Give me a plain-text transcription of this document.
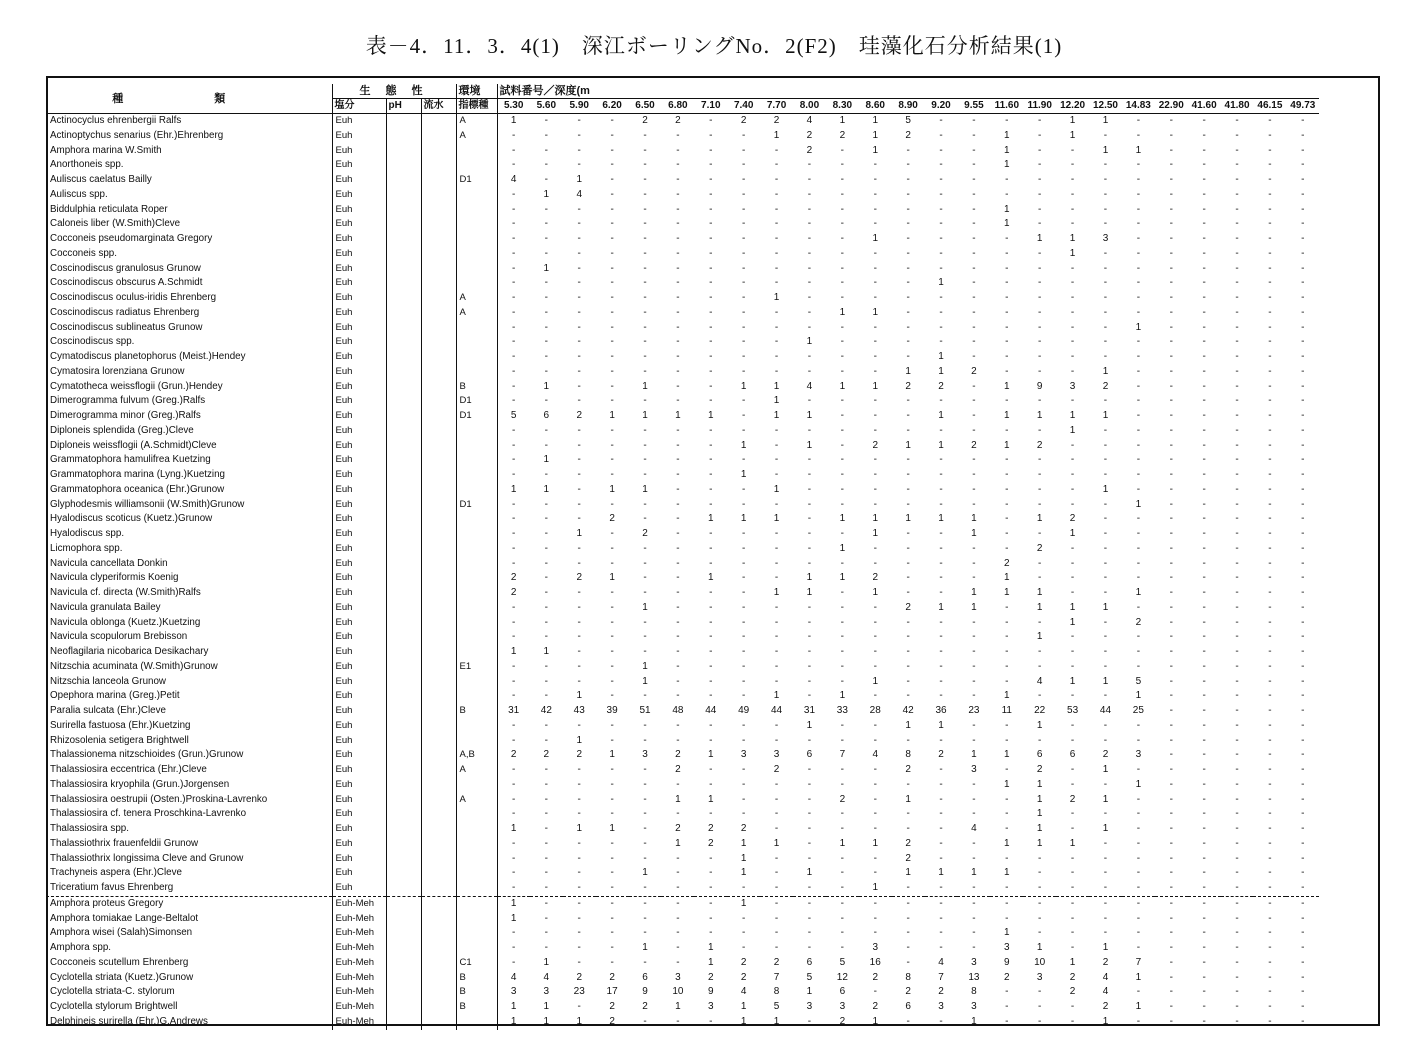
表－4．11．3．4(1)　深江ボーリングNo．2(F2)　珪藻化石分析結果(1)
種　類	生 態 性			環境	試料番号／深度(m																								
	塩分	pH	流水	指標種	5.30	5.60	5.90	6.20	6.50	6.80	7.10	7.40	7.70	8.00	8.30	8.60	8.90	9.20	9.55	11.60	11.90	12.20	12.50	14.83	22.90	41.60	41.80	46.15	49.73
Actinocyclus ehrenbergii Ralfs	Euh			A	1	-	-	-	2	2	-	2	2	4	1	1	5	-	-	-	-	1	1	-	-	-	-	-	-
Actinoptychus senarius (Ehr.)Ehrenberg	Euh			A	-	-	-	-	-	-	-	-	1	2	2	1	2	-	-	1	-	1	-	-	-	-	-	-	-
Amphora marina W.Smith	Euh				-	-	-	-	-	-	-	-	-	2	-	1	-	-	-	1	-	-	1	1	-	-	-	-	-
Anorthoneis spp.	Euh				-	-	-	-	-	-	-	-	-	-	-	-	-	-	-	1	-	-	-	-	-	-	-	-	-
Auliscus caelatus Bailly	Euh			D1	4	-	1	-	-	-	-	-	-	-	-	-	-	-	-	-	-	-	-	-	-	-	-	-	-
Auliscus spp.	Euh				-	1	4	-	-	-	-	-	-	-	-	-	-	-	-	-	-	-	-	-	-	-	-	-	-
Biddulphia reticulata Roper	Euh				-	-	-	-	-	-	-	-	-	-	-	-	-	-	-	1	-	-	-	-	-	-	-	-	-
Caloneis liber (W.Smith)Cleve	Euh				-	-	-	-	-	-	-	-	-	-	-	-	-	-	-	1	-	-	-	-	-	-	-	-	-
Cocconeis pseudomarginata Gregory	Euh				-	-	-	-	-	-	-	-	-	-	-	1	-	-	-	-	1	1	3	-	-	-	-	-	-
Cocconeis spp.	Euh				-	-	-	-	-	-	-	-	-	-	-	-	-	-	-	-	-	1	-	-	-	-	-	-	-
Coscinodiscus granulosus Grunow	Euh				-	1	-	-	-	-	-	-	-	-	-	-	-	-	-	-	-	-	-	-	-	-	-	-	-
Coscinodiscus obscurus A.Schmidt	Euh				-	-	-	-	-	-	-	-	-	-	-	-	-	1	-	-	-	-	-	-	-	-	-	-	-
Coscinodiscus oculus-iridis Ehrenberg	Euh			A	-	-	-	-	-	-	-	-	1	-	-	-	-	-	-	-	-	-	-	-	-	-	-	-	-
Coscinodiscus radiatus Ehrenberg	Euh			A	-	-	-	-	-	-	-	-	-	-	1	1	-	-	-	-	-	-	-	-	-	-	-	-	-
Coscinodiscus sublineatus Grunow	Euh				-	-	-	-	-	-	-	-	-	-	-	-	-	-	-	-	-	-	-	1	-	-	-	-	-
Coscinodiscus spp.	Euh				-	-	-	-	-	-	-	-	-	1	-	-	-	-	-	-	-	-	-	-	-	-	-	-	-
Cymatodiscus planetophorus (Meist.)Hendey	Euh				-	-	-	-	-	-	-	-	-	-	-	-	-	1	-	-	-	-	-	-	-	-	-	-	-
Cymatosira lorenziana Grunow	Euh				-	-	-	-	-	-	-	-	-	-	-	-	1	1	2	-	-	-	1	-	-	-	-	-	-
Cymatotheca weissflogii (Grun.)Hendey	Euh			B	-	1	-	-	1	-	-	1	1	4	1	1	2	2	-	1	9	3	2	-	-	-	-	-	-
Dimerogramma fulvum (Greg.)Ralfs	Euh			D1	-	-	-	-	-	-	-	-	1	-	-	-	-	-	-	-	-	-	-	-	-	-	-	-	-
Dimerogramma minor (Greg.)Ralfs	Euh			D1	5	6	2	1	1	1	1	-	1	1	-	-	-	1	-	1	1	1	1	-	-	-	-	-	-
Diploneis splendida (Greg.)Cleve	Euh				-	-	-	-	-	-	-	-	-	-	-	-	-	-	-	-	-	1	-	-	-	-	-	-	-
Diploneis weissflogii (A.Schmidt)Cleve	Euh				-	-	-	-	-	-	-	1	-	1	-	2	1	1	2	1	2	-	-	-	-	-	-	-	-
Grammatophora hamulifrea Kuetzing	Euh				-	1	-	-	-	-	-	-	-	-	-	-	-	-	-	-	-	-	-	-	-	-	-	-	-
Grammatophora marina (Lyng.)Kuetzing	Euh				-	-	-	-	-	-	-	1	-	-	-	-	-	-	-	-	-	-	-	-	-	-	-	-	-
Grammatophora oceanica (Ehr.)Grunow	Euh				1	1	-	1	1	-	-	-	1	-	-	-	-	-	-	-	-	-	1	-	-	-	-	-	-
Glyphodesmis williamsonii (W.Smith)Grunow	Euh			D1	-	-	-	-	-	-	-	-	-	-	-	-	-	-	-	-	-	-	-	1	-	-	-	-	-
Hyalodiscus scoticus (Kuetz.)Grunow	Euh				-	-	-	2	-	-	1	1	1	-	1	1	1	1	1	-	1	2	-	-	-	-	-	-	-
Hyalodiscus spp.	Euh				-	-	1	-	2	-	-	-	-	-	-	1	-	-	1	-	-	1	-	-	-	-	-	-	-
Licmophora spp.	Euh				-	-	-	-	-	-	-	-	-	-	1	-	-	-	-	-	2	-	-	-	-	-	-	-	-
Navicula cancellata Donkin	Euh				-	-	-	-	-	-	-	-	-	-	-	-	-	-	-	2	-	-	-	-	-	-	-	-	-
Navicula clyperiformis Koenig	Euh				2	-	2	1	-	-	1	-	-	1	1	2	-	-	-	1	-	-	-	-	-	-	-	-	-
Navicula cf. directa (W.Smith)Ralfs	Euh				2	-	-	-	-	-	-	-	1	1	-	1	-	-	1	1	1	-	-	1	-	-	-	-	-
Navicula granulata Bailey	Euh				-	-	-	-	1	-	-	-	-	-	-	-	2	1	1	-	1	1	1	-	-	-	-	-	-
Navicula oblonga (Kuetz.)Kuetzing	Euh				-	-	-	-	-	-	-	-	-	-	-	-	-	-	-	-	-	1	-	2	-	-	-	-	-
Navicula scopulorum Brebisson	Euh				-	-	-	-	-	-	-	-	-	-	-	-	-	-	-	-	1	-	-	-	-	-	-	-	-
Neoflagilaria nicobarica Desikachary	Euh				1	1	-	-	-	-	-	-	-	-	-	-	-	-	-	-	-	-	-	-	-	-	-	-	-
Nitzschia acuminata (W.Smith)Grunow	Euh			E1	-	-	-	-	1	-	-	-	-	-	-	-	-	-	-	-	-	-	-	-	-	-	-	-	-
Nitzschia lanceola Grunow	Euh				-	-	-	-	1	-	-	-	-	-	-	1	-	-	-	-	4	1	1	5	-	-	-	-	-
Opephora marina (Greg.)Petit	Euh				-	-	1	-	-	-	-	-	1	-	1	-	-	-	-	1	-	-	-	1	-	-	-	-	-
Paralia sulcata (Ehr.)Cleve	Euh			B	31	42	43	39	51	48	44	49	44	31	33	28	42	36	23	11	22	53	44	25	-	-	-	-	-
Surirella fastuosa (Ehr.)Kuetzing	Euh				-	-	-	-	-	-	-	-	-	1	-	-	1	1	-	-	1	-	-	-	-	-	-	-	-
Rhizosolenia setigera Brightwell	Euh				-	-	1	-	-	-	-	-	-	-	-	-	-	-	-	-	-	-	-	-	-	-	-	-	-
Thalassionema nitzschioides (Grun.)Grunow	Euh			A,B	2	2	2	1	3	2	1	3	3	6	7	4	8	2	1	1	6	6	2	3	-	-	-	-	-
Thalassiosira eccentrica (Ehr.)Cleve	Euh			A	-	-	-	-	-	2	-	-	2	-	-	-	2	-	3	-	2	-	1	-	-	-	-	-	-
Thalassiosira kryophila (Grun.)Jorgensen	Euh				-	-	-	-	-	-	-	-	-	-	-	-	-	-	-	1	1	-	-	1	-	-	-	-	-
Thalassiosira oestrupii (Osten.)Proskina-Lavrenko	Euh			A	-	-	-	-	-	1	1	-	-	-	2	-	1	-	-	-	1	2	1	-	-	-	-	-	-
Thalassiosira cf. tenera Proschkina-Lavrenko	Euh				-	-	-	-	-	-	-	-	-	-	-	-	-	-	-	-	1	-	-	-	-	-	-	-	-
Thalassiosira spp.	Euh				1	-	1	1	-	2	2	2	-	-	-	-	-	-	4	-	1	-	1	-	-	-	-	-	-
Thalassiothrix frauenfeldii Grunow	Euh				-	-	-	-	-	1	2	1	1	-	1	1	2	-	-	1	1	1	-	-	-	-	-	-	-
Thalassiothrix longissima Cleve and Grunow	Euh				-	-	-	-	-	-	-	1	-	-	-	-	2	-	-	-	-	-	-	-	-	-	-	-	-
Trachyneis aspera (Ehr.)Cleve	Euh				-	-	-	-	1	-	-	1	-	1	-	-	1	1	1	1	-	-	-	-	-	-	-	-	-
Triceratium favus Ehrenberg	Euh				-	-	-	-	-	-	-	-	-	-	-	1	-	-	-	-	-	-	-	-	-	-	-	-	-
Amphora proteus Gregory	Euh-Meh				1	-	-	-	-	-	-	1	-	-	-	-	-	-	-	-	-	-	-	-	-	-	-	-	-
Amphora tomiakae Lange-Beltalot	Euh-Meh				1	-	-	-	-	-	-	-	-	-	-	-	-	-	-	-	-	-	-	-	-	-	-	-	-
Amphora wisei (Salah)Simonsen	Euh-Meh				-	-	-	-	-	-	-	-	-	-	-	-	-	-	-	1	-	-	-	-	-	-	-	-	-
Amphora spp.	Euh-Meh				-	-	-	-	1	-	1	-	-	-	-	3	-	-	-	3	1	-	1	-	-	-	-	-	-
Cocconeis scutellum Ehrenberg	Euh-Meh			C1	-	1	-	-	-	-	1	2	2	6	5	16	-	4	3	9	10	1	2	7	-	-	-	-	-
Cyclotella striata (Kuetz.)Grunow	Euh-Meh			B	4	4	2	2	6	3	2	2	7	5	12	2	8	7	13	2	3	2	4	1	-	-	-	-	-
Cyclotella striata-C. stylorum	Euh-Meh			B	3	3	23	17	9	10	9	4	8	1	6	-	2	2	8	-	-	2	4	-	-	-	-	-	-
Cyclotella stylorum Brightwell	Euh-Meh			B	1	1	-	2	2	1	3	1	5	3	3	2	6	3	3	-	-	-	2	1	-	-	-	-	-
Delphineis surirella (Ehr.)G.Andrews	Euh-Meh				1	1	1	2	-	-	-	1	1	-	2	1	-	-	1	-	-	-	1	-	-	-	-	-	-
